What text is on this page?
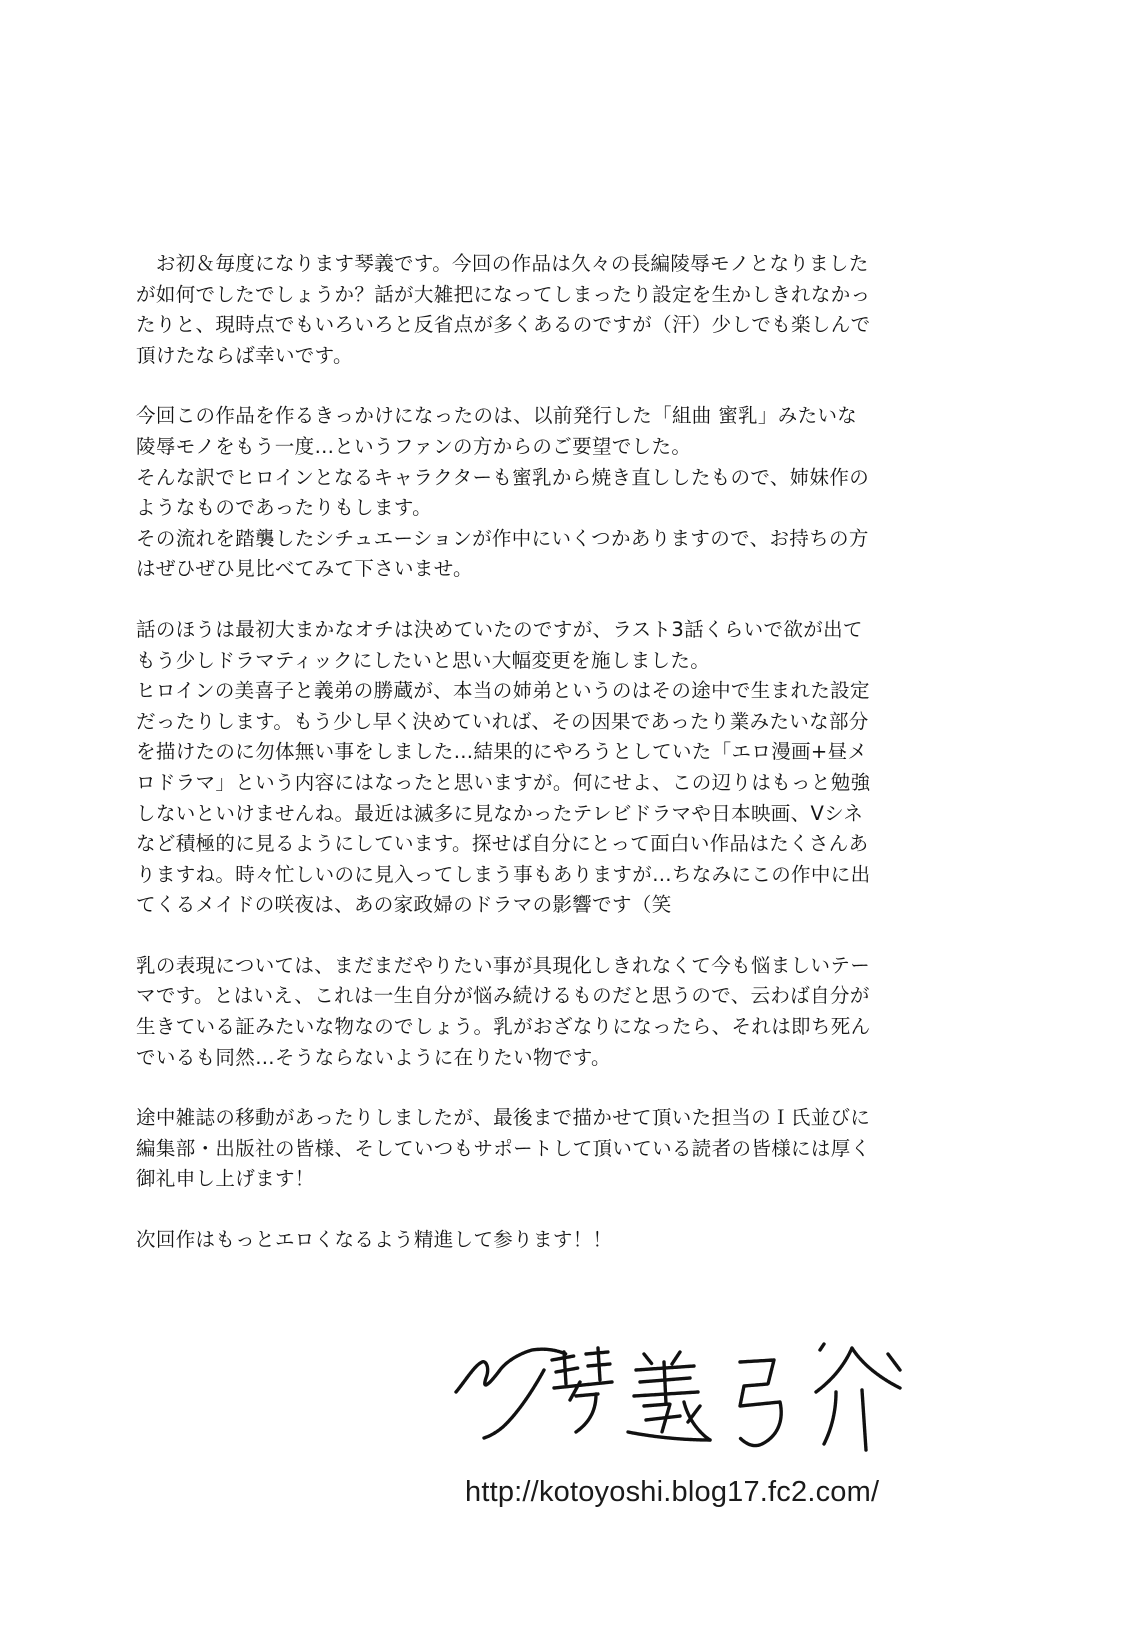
　お初＆毎度になります琴義です。今回の作品は久々の長編陵辱モノとなりました
が如何でしたでしょうか？話が大雑把になってしまったり設定を生かしきれなかっ
たりと、現時点でもいろいろと反省点が多くあるのですが（汗）少しでも楽しんで
頂けたならば幸いです。
今回この作品を作るきっかけになったのは、以前発行した「組曲 蜜乳」みたいな
陵辱モノをもう一度…というファンの方からのご要望でした。
そんな訳でヒロインとなるキャラクターも蜜乳から焼き直ししたもので、姉妹作の
ようなものであったりもします。
その流れを踏襲したシチュエーションが作中にいくつかありますので、お持ちの方
はぜひぜひ見比べてみて下さいませ。
話のほうは最初大まかなオチは決めていたのですが、ラスト3話くらいで欲が出て
もう少しドラマティックにしたいと思い大幅変更を施しました。
ヒロインの美喜子と義弟の勝蔵が、本当の姉弟というのはその途中で生まれた設定
だったりします。もう少し早く決めていれば、その因果であったり業みたいな部分
を描けたのに勿体無い事をしました…結果的にやろうとしていた「エロ漫画+昼メ
ロドラマ」という内容にはなったと思いますが。何にせよ、この辺りはもっと勉強
しないといけませんね。最近は滅多に見なかったテレビドラマや日本映画、Vシネ
など積極的に見るようにしています。探せば自分にとって面白い作品はたくさんあ
りますね。時々忙しいのに見入ってしまう事もありますが…ちなみにこの作中に出
てくるメイドの咲夜は、あの家政婦のドラマの影響です（笑
乳の表現については、まだまだやりたい事が具現化しきれなくて今も悩ましいテー
マです。とはいえ、これは一生自分が悩み続けるものだと思うので、云わば自分が
生きている証みたいな物なのでしょう。乳がおざなりになったら、それは即ち死ん
でいるも同然…そうならないように在りたい物です。
途中雑誌の移動があったりしましたが、最後まで描かせて頂いた担当のＩ氏並びに
編集部・出版社の皆様、そしていつもサポートして頂いている読者の皆様には厚く
御礼申し上げます！
次回作はもっとエロくなるよう精進して参ります！！
http://kotoyoshi.blog17.fc2.com/
